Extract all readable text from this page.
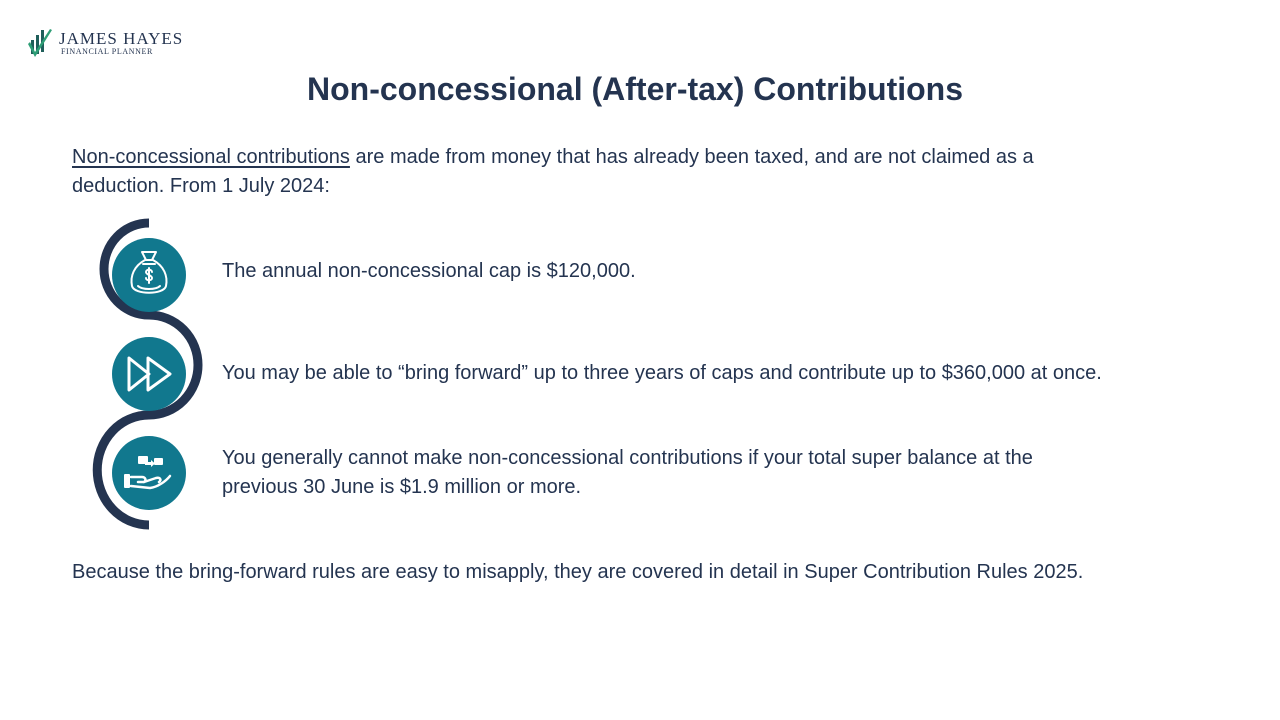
JAMES HAYES
FINANCIAL PLANNER
Non-concessional (After-tax) Contributions

Non-concessional contributions are made from money that has already been taxed, and are not claimed as a deduction. From 1 July 2024:

The annual non-concessional cap is $120,000.

You may be able to “bring forward” up to three years of caps and contribute up to $360,000 at once.

You generally cannot make non-concessional contributions if your total super balance at the previous 30 June is $1.9 million or more.

Because the bring-forward rules are easy to misapply, they are covered in detail in Super Contribution Rules 2025.
